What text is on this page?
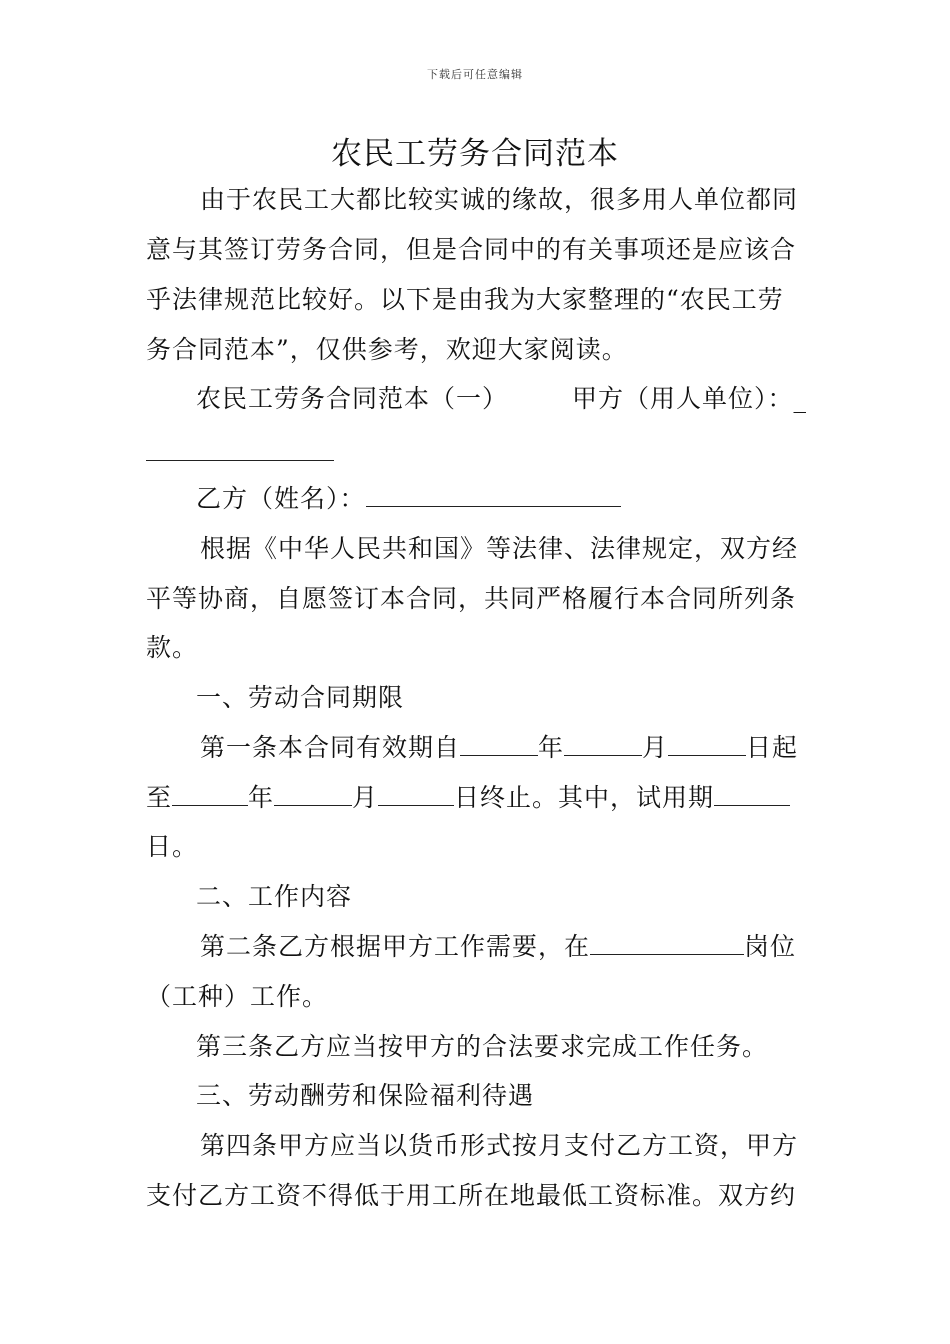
下载后可任意编辑
农民工劳务合同范本
由于农民工大都比较实诚的缘故，很多用人单位都同
意与其签订劳务合同，但是合同中的有关事项还是应该合
乎法律规范比较好。以下是由我为大家整理的“农民工劳
务合同范本”，仅供参考，欢迎大家阅读。
农民工劳务合同范本（一）	甲方（用人单位）：_
乙方（姓名）：
根据《中华人民共和国》等法律、法律规定，双方经
平等协商，自愿签订本合同，共同严格履行本合同所列条
款。
一、劳动合同期限
第一条本合同有效期自	年	月	日起
至	年	月	日终止。其中，试用期
日。
二、工作内容
第二条乙方根据甲方工作需要，在	岗位
（工种）工作。
第三条乙方应当按甲方的合法要求完成工作任务。
三、劳动酬劳和保险福利待遇
第四条甲方应当以货币形式按月支付乙方工资，甲方
支付乙方工资不得低于用工所在地最低工资标准。双方约
